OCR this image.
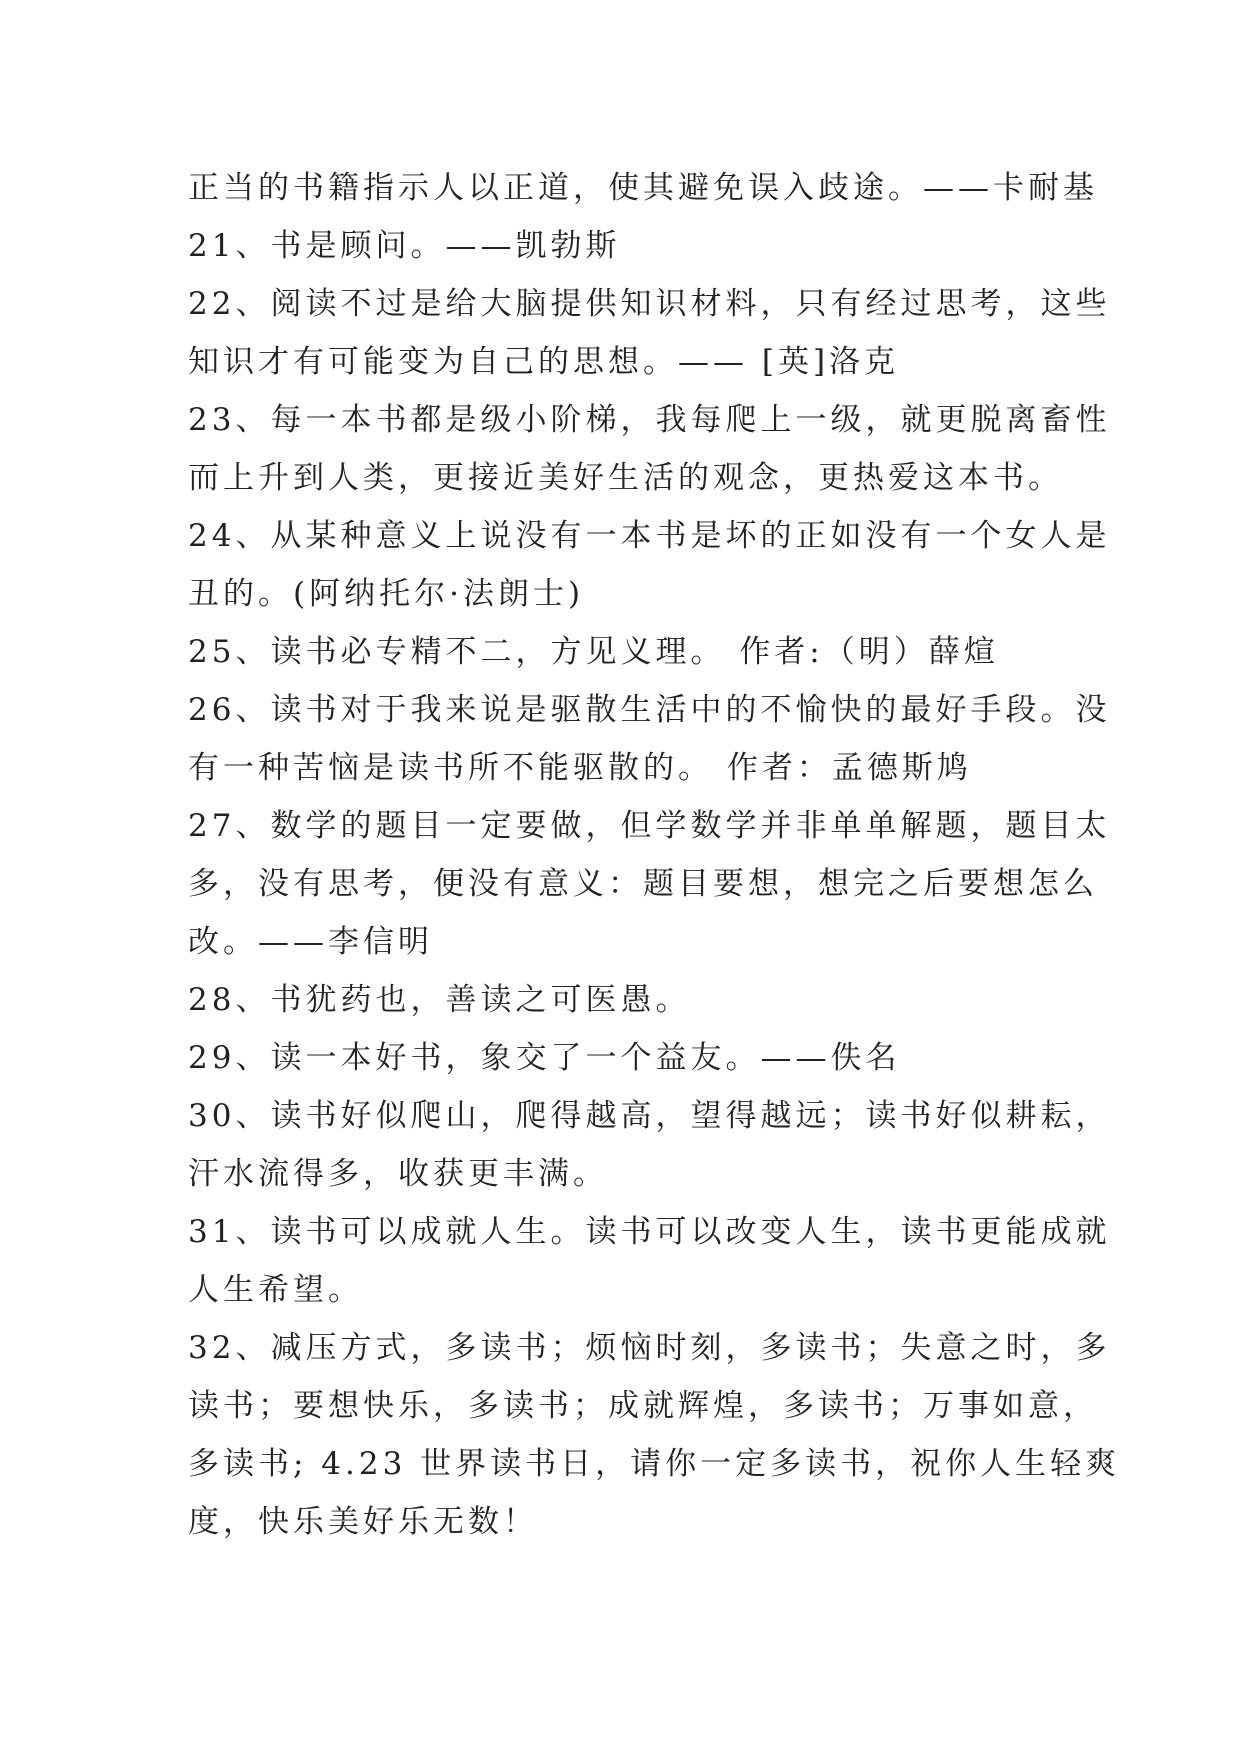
正当的书籍指示人以正道，使其避免误入歧途。——卡耐基
21、书是顾问。——凯勃斯
22、阅读不过是给大脑提供知识材料，只有经过思考，这些
知识才有可能变为自己的思想。—— [英]洛克
23、每一本书都是级小阶梯，我每爬上一级，就更脱离畜性
而上升到人类，更接近美好生活的观念，更热爱这本书。
24、从某种意义上说没有一本书是坏的正如没有一个女人是
丑的。(阿纳托尔·法朗士)
25、读书必专精不二，方见义理。 作者:（明）薛煊
26、读书对于我来说是驱散生活中的不愉快的最好手段。没
有一种苦恼是读书所不能驱散的。 作者：孟德斯鸠
27、数学的题目一定要做，但学数学并非单单解题，题目太
多，没有思考，便没有意义：题目要想，想完之后要想怎么
改。——李信明
28、书犹药也，善读之可医愚。
29、读一本好书，象交了一个益友。——佚名
30、读书好似爬山，爬得越高，望得越远；读书好似耕耘，
汗水流得多，收获更丰满。
31、读书可以成就人生。读书可以改变人生，读书更能成就
人生希望。
32、减压方式，多读书；烦恼时刻，多读书；失意之时，多
读书；要想快乐，多读书；成就辉煌，多读书；万事如意，
多读书; 4.23 世界读书日，请你一定多读书，祝你人生轻爽
度，快乐美好乐无数！
